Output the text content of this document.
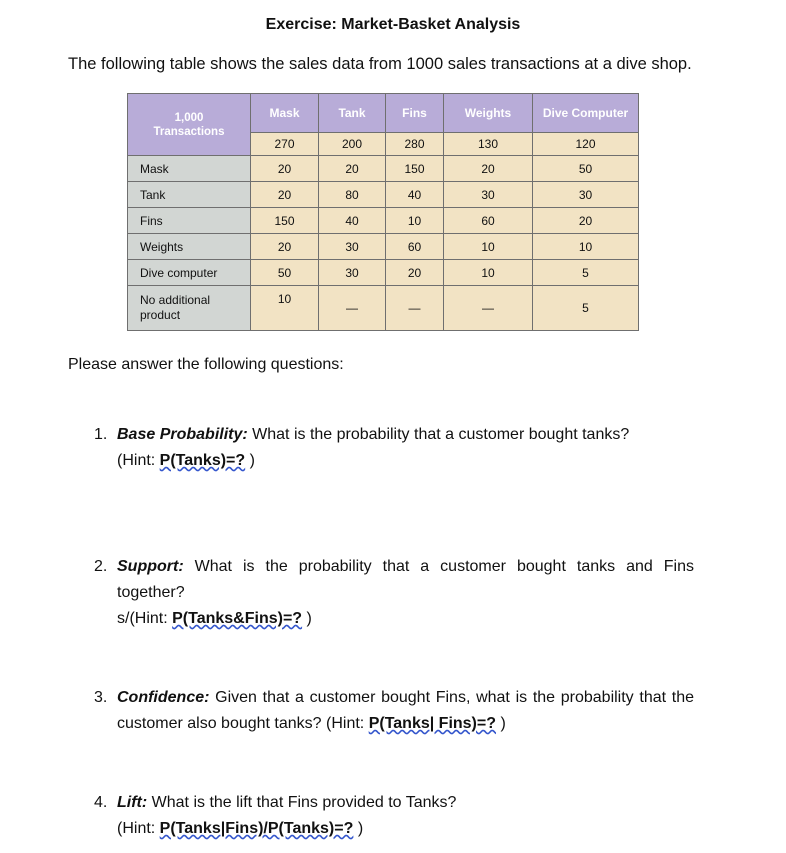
Exercise: Market-Basket Analysis
The following table shows the sales data from 1000 sales transactions at a dive shop.
1,000
Transactions	Mask	Tank	Fins	Weights	Dive Computer
	270	200	280	130	120
Mask	20	20	150	20	50
Tank	20	80	40	30	30
Fins	150	40	10	60	20
Weights	20	30	60	10	10
Dive computer	50	30	20	10	5
No additional product	10	—	—	—	5
Please answer the following questions:
1. Base Probability: What is the probability that a customer bought tanks?
(Hint: P(Tanks)=? )
2. Support: What is the probability that a customer bought tanks and Fins together?
s/(Hint: P(Tanks&Fins)=? )
3. Confidence: Given that a customer bought Fins, what is the probability that the customer also bought tanks? (Hint: P(Tanks| Fins)=? )
4. Lift: What is the lift that Fins provided to Tanks?
(Hint: P(Tanks|Fins)/P(Tanks)=? )
